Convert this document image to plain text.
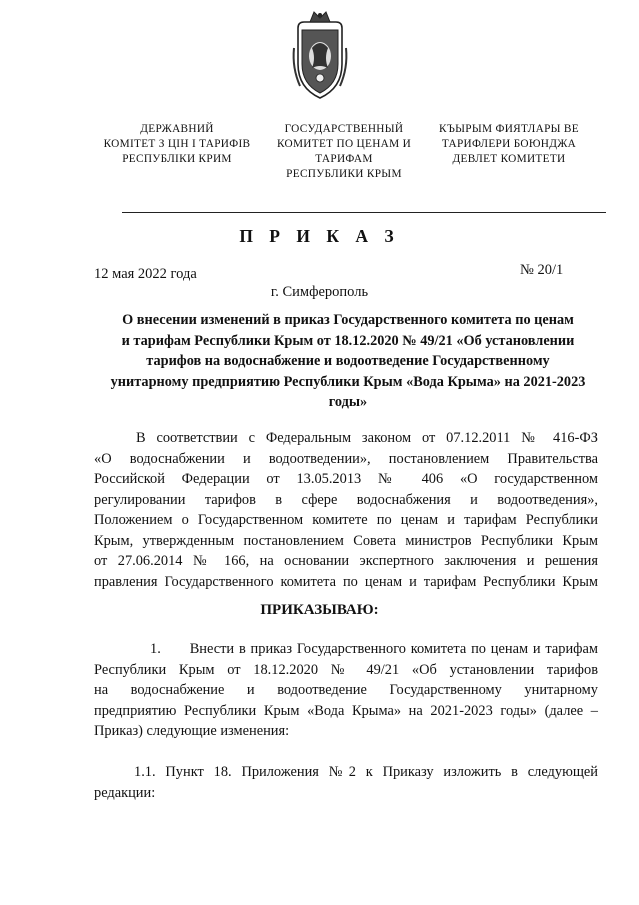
ДЕРЖАВНИЙ
КОМІТЕТ З ЦІН І ТАРИФІВ
РЕСПУБЛІКИ КРИМ
ГОСУДАРСТВЕННЫЙ
КОМИТЕТ ПО ЦЕНАМ И
ТАРИФАМ
РЕСПУБЛИКИ КРЫМ
КЪЫРЫМ ФИЯТЛАРЫ ВЕ
ТАРИФЛЕРИ БОЮНДЖА
ДЕВЛЕТ КОМИТЕТИ
П Р И К А З
12 мая 2022 года	№ 20/1
г. Симферополь
О внесении изменений в приказ Государственного комитета по ценам
и тарифам Республики Крым от 18.12.2020 № 49/21 «Об установлении
тарифов на водоснабжение и водоотведение Государственному
унитарному предприятию Республики Крым «Вода Крыма» на 2021-2023
годы»
В соответствии с Федеральным законом от 07.12.2011 № 416-ФЗ
«О водоснабжении и водоотведении», постановлением Правительства
Российской Федерации от 13.05.2013 № 406 «О государственном
регулировании тарифов в сфере водоснабжения и водоотведения»,
Положением о Государственном комитете по ценам и тарифам Республики
Крым, утвержденным постановлением Совета министров Республики Крым
от 27.06.2014 № 166, на основании экспертного заключения и решения
правления Государственного комитета по ценам и тарифам Республики Крым
ПРИКАЗЫВАЮ:
1.      Внести в приказ Государственного комитета по ценам и тарифам
Республики Крым от 18.12.2020 № 49/21 «Об установлении тарифов
на водоснабжение и водоотведение Государственному унитарному
предприятию Республики Крым «Вода Крыма» на 2021-2023 годы» (далее –
Приказ) следующие изменения:
1.1. Пункт 18. Приложения №2 к Приказу изложить в следующей
редакции:
